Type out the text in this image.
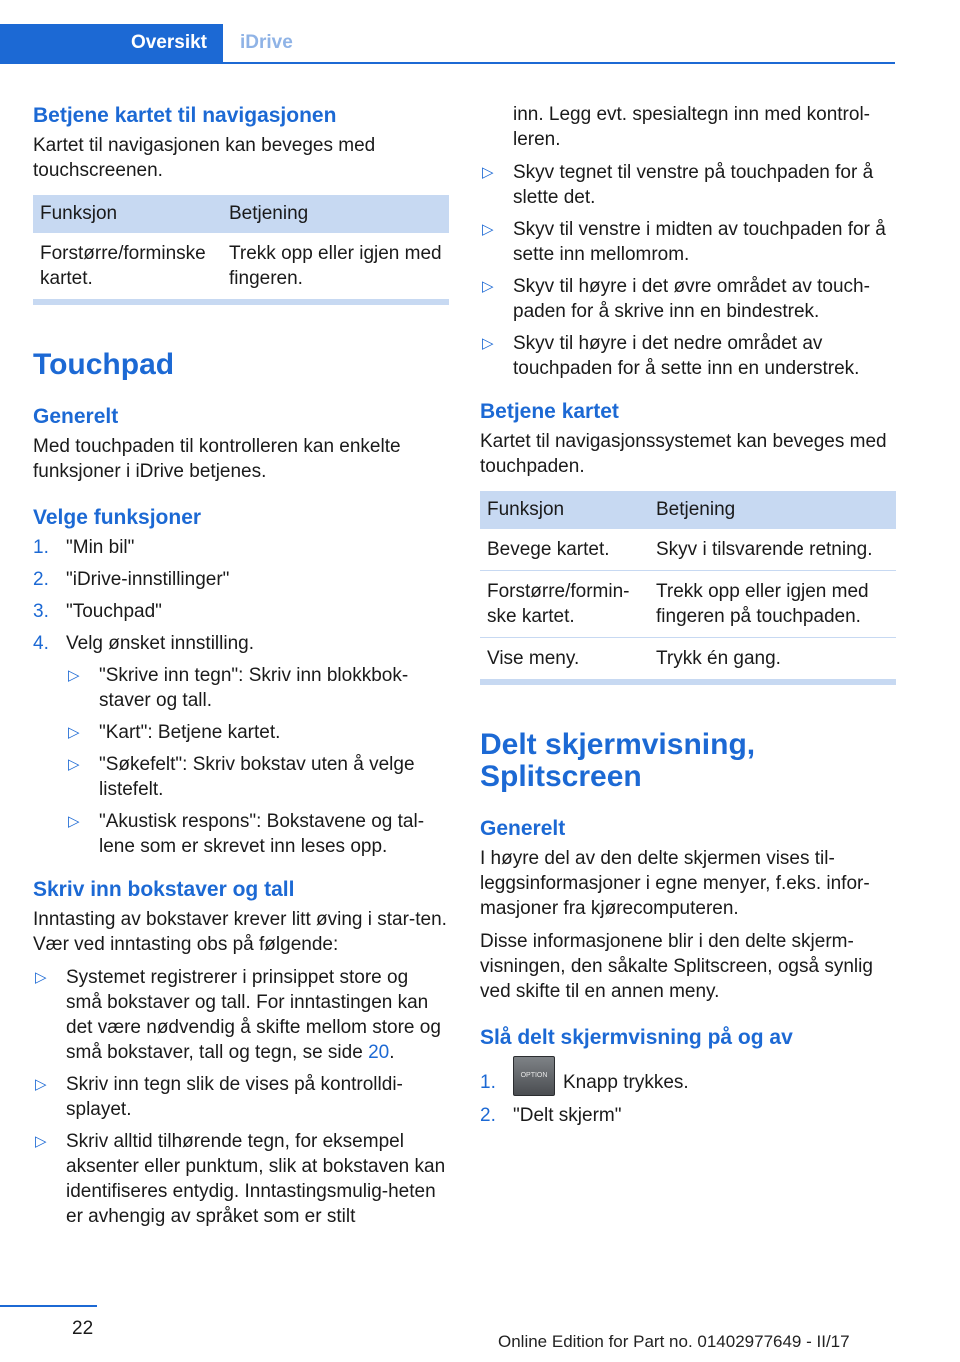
Oversikt	iDrive
Betjene kartet til navigasjonen

Kartet til navigasjonen kan beveges med touchscreenen.

Funksjon	Betjening
Forstørre/forminske kartet.	Trekk opp eller igjen med fingeren.
Touchpad
Generelt

Med touchpaden til kontrolleren kan enkelte funksjoner i iDrive betjenes.

Velge funksjoner
1. "Min bil"
2. "iDrive-innstillinger"
3. "Touchpad"
4. Velg ønsket innstilling.
▷ "Skrive inn tegn": Skriv inn blokkbok-staver og tall.
▷ "Kart": Betjene kartet.
▷ "Søkefelt": Skriv bokstav uten å velge listefelt.
▷ "Akustisk respons": Bokstavene og tal-lene som er skrevet inn leses opp.
Skriv inn bokstaver og tall

Inntasting av bokstaver krever litt øving i star-ten. Vær ved inntasting obs på følgende:

▷ Systemet registrerer i prinsippet store og små bokstaver og tall. For inntastingen kan det være nødvendig å skifte mellom store og små bokstaver, tall og tegn, se side 20.
▷ Skriv inn tegn slik de vises på kontrolldi-splayet.
▷ Skriv alltid tilhørende tegn, for eksempel aksenter eller punktum, slik at bokstaven kan identifiseres entydig. Inntastingsmulig-heten er avhengig av språket som er stilt

inn. Legg evt. spesialtegn inn med kontrol-leren.

▷ Skyv tegnet til venstre på touchpaden for å slette det.
▷ Skyv til venstre i midten av touchpaden for å sette inn mellomrom.
▷ Skyv til høyre i det øvre området av touch-paden for å skrive inn en bindestrek.
▷ Skyv til høyre i det nedre området av touchpaden for å sette inn en understrek.
Betjene kartet

Kartet til navigasjonssystemet kan beveges med touchpaden.

Funksjon	Betjening
Bevege kartet.	Skyv i tilsvarende retning.
Forstørre/formin-ske kartet.	Trekk opp eller igjen med fingeren på touchpaden.
Vise meny.	Trykk én gang.
Delt skjermvisning, Splitscreen
Generelt

I høyre del av den delte skjermen vises til-leggsinformasjoner i egne menyer, f.eks. infor-masjoner fra kjørecomputeren.

Disse informasjonene blir i den delte skjerm-visningen, den såkalte Splitscreen, også synlig ved skifte til en annen meny.

Slå delt skjermvisning på og av
1.	OPTION Knapp trykkes.
2. "Delt skjerm"
22
Online Edition for Part no. 01402977649 - II/17
